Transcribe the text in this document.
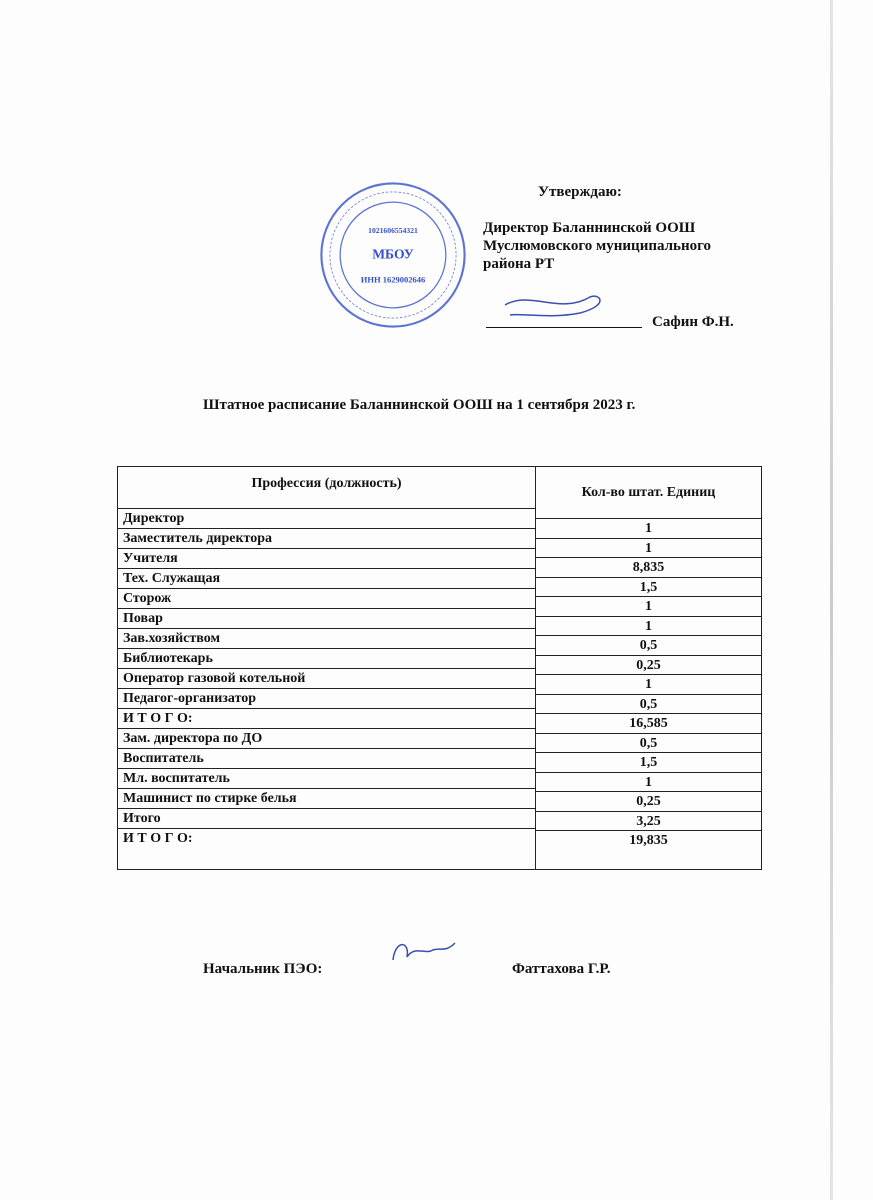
1021606554321
МБОУ
ИНН 1629002646
Утверждаю:
Директор Баланнинской ООШ
Муслюмовского муниципального
района РТ
Сафин Ф.Н.
Штатное расписание Баланнинской ООШ на 1 сентября 2023 г.
Профессия (должность)
Директор
Заместитель директора
Учителя
Тех. Служащая
Сторож
Повар
Зав.хозяйством
Библиотекарь
Оператор газовой котельной
Педагог-организатор
И Т О Г О:
Зам. директора по ДО
Воспитатель
Мл. воспитатель
Машинист по стирке белья
Итого
И Т О Г О:
Кол-во штат. Единиц
1
1
8,835
1,5
1
1
0,5
0,25
1
0,5
16,585
0,5
1,5
1
0,25
3,25
19,835
Начальник ПЭО:	Фаттахова Г.Р.
